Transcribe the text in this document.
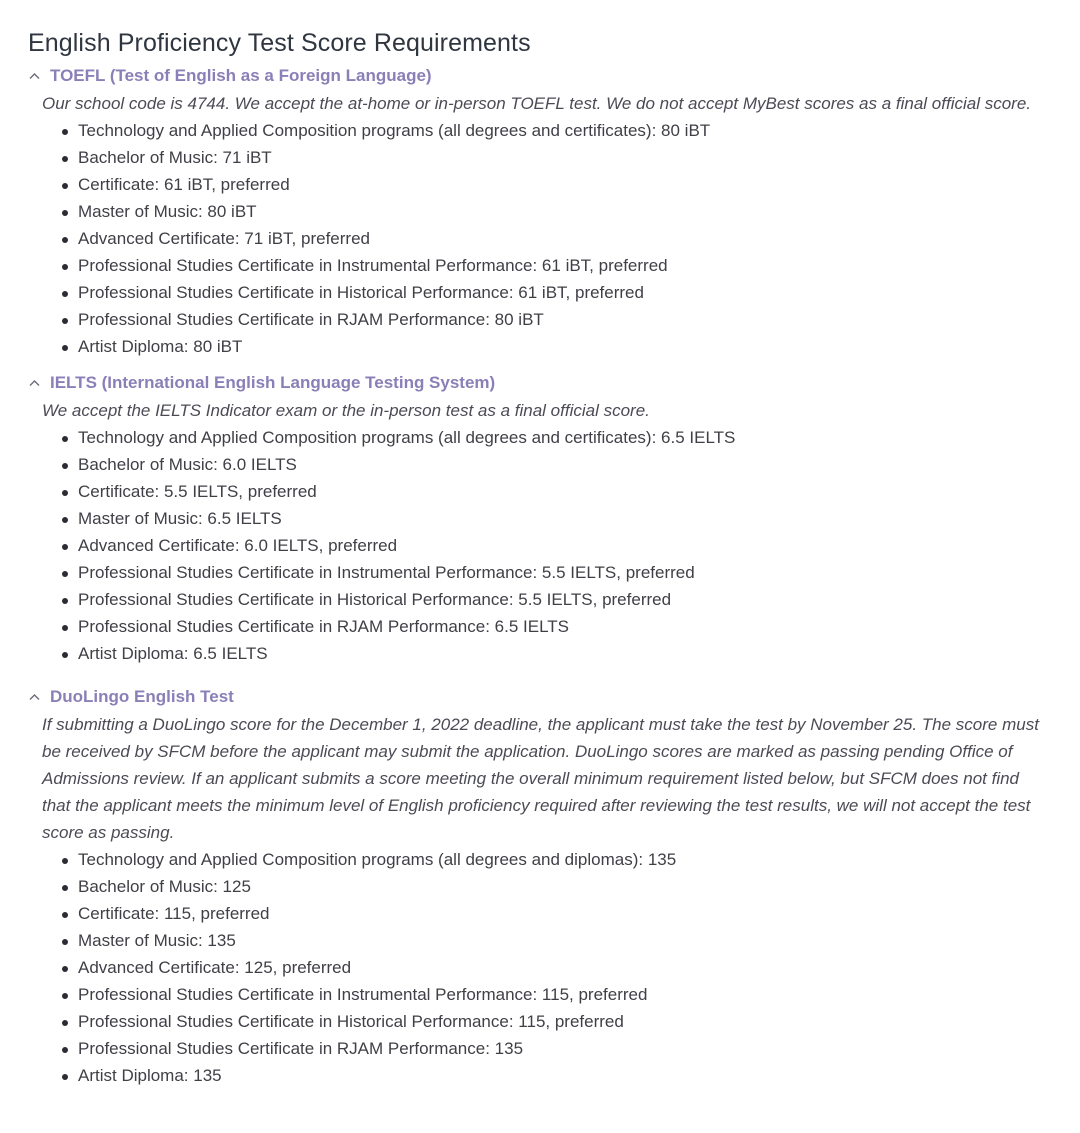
English Proficiency Test Score Requirements
TOEFL (Test of English as a Foreign Language)
Our school code is 4744. We accept the at-home or in-person TOEFL test. We do not accept MyBest scores as a final official score.
Technology and Applied Composition programs (all degrees and certificates): 80 iBT
Bachelor of Music: 71 iBT
Certificate: 61 iBT, preferred
Master of Music: 80 iBT
Advanced Certificate: 71 iBT, preferred
Professional Studies Certificate in Instrumental Performance: 61 iBT, preferred
Professional Studies Certificate in Historical Performance: 61 iBT, preferred
Professional Studies Certificate in RJAM Performance: 80 iBT
Artist Diploma: 80 iBT
IELTS (International English Language Testing System)
We accept the IELTS Indicator exam or the in-person test as a final official score.
Technology and Applied Composition programs (all degrees and certificates): 6.5 IELTS
Bachelor of Music: 6.0 IELTS
Certificate: 5.5 IELTS, preferred
Master of Music: 6.5 IELTS
Advanced Certificate: 6.0 IELTS, preferred
Professional Studies Certificate in Instrumental Performance: 5.5 IELTS, preferred
Professional Studies Certificate in Historical Performance: 5.5 IELTS, preferred
Professional Studies Certificate in RJAM Performance: 6.5 IELTS
Artist Diploma: 6.5 IELTS
DuoLingo English Test
If submitting a DuoLingo score for the December 1, 2022 deadline, the applicant must take the test by November 25. The score must be received by SFCM before the applicant may submit the application. DuoLingo scores are marked as passing pending Office of Admissions review. If an applicant submits a score meeting the overall minimum requirement listed below, but SFCM does not find that the applicant meets the minimum level of English proficiency required after reviewing the test results, we will not accept the test score as passing.
Technology and Applied Composition programs (all degrees and diplomas): 135
Bachelor of Music: 125
Certificate: 115, preferred
Master of Music: 135
Advanced Certificate: 125, preferred
Professional Studies Certificate in Instrumental Performance: 115, preferred
Professional Studies Certificate in Historical Performance: 115, preferred
Professional Studies Certificate in RJAM Performance: 135
Artist Diploma: 135
